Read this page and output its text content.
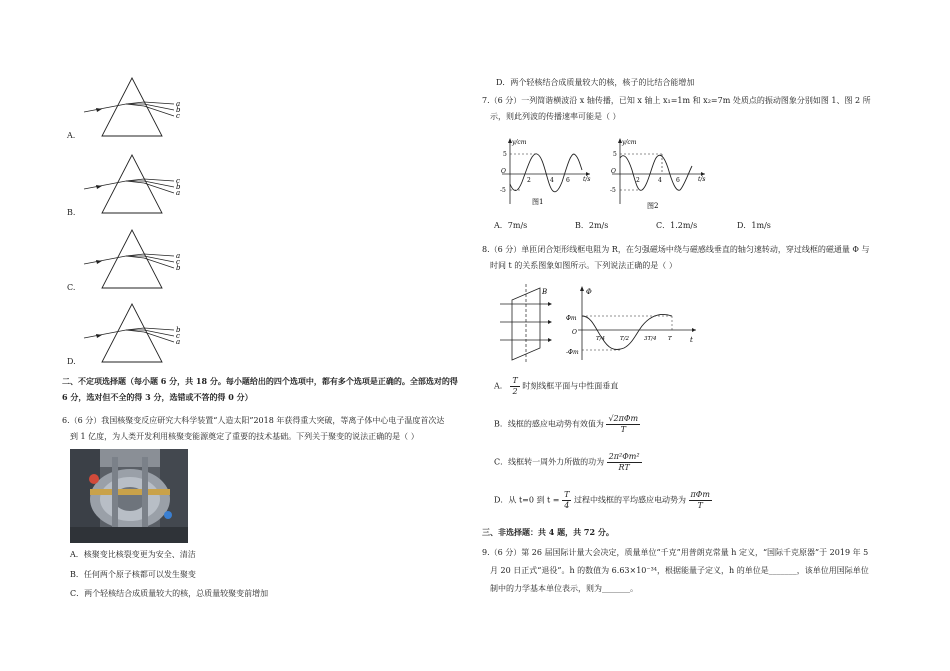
A.
a
b
c
B.
c
b
a
C.
a
c
b
D.
b
c
a
二、不定项选择题（每小题 6 分，共 18 分。每小题给出的四个选项中，都有多个选项是正确的。全部选对的得
6 分，选对但不全的得 3 分，选错或不答的得 0 分）
6.（6 分）我国核聚变反应研究大科学装置“人造太阳”2018 年获得重大突破，等离子体中心电子温度首次达
到 1 亿度，为人类开发利用核聚变能源奠定了重要的技术基础。下列关于聚变的说法正确的是（ ）
A．核聚变比核裂变更为安全、清洁
B．任何两个原子核都可以发生聚变
C．两个轻核结合成质量较大的核，总质量较聚变前增加
D．两个轻核结合成质量较大的核，核子的比结合能增加
7.（6 分）一列简谐横波沿 x 轴传播，已知 x 轴上 x₁=1m 和 x₂=7m 处质点的振动图象分别如图 1、图 2 所
示，则此列波的传播速率可能是（ ）
y/cm
t/s
O
5
-5
2	4 6
图1
y/cm
t/s
O
5
-5
2	4 6
图2
A．7m/s	B．2m/s	C．1.2m/s	D．1m/s
8.（6 分）单匝闭合矩形线框电阻为 R，在匀强磁场中绕与磁感线垂直的轴匀速转动，穿过线框的磁通量 Φ 与
时间 t 的关系图象如图所示。下列说法正确的是（ ）
B	Φ
Φm
-Φm
O
t
T/4	T/2	3T/4 T
A． $\frac{T}{2}$ 时刻线框平面与中性面垂直
B．线框的感应电动势有效值为 $\frac{\text{√2πΦm}}{T}$
C．线框转一周外力所做的功为 $\frac{\text{2π²Φm²}}{RT}$
D．从 t=0 到 $t = \frac{T}{4}$ 过程中线框的平均感应电动势为 $\frac{\text{πΦm}}{T}$
三、非选择题：共 4 题，共 72 分。
9.（6 分）第 26 届国际计量大会决定，质量单位“千克”用普朗克常量 h 定义，“国际千克原器”于 2019 年 5
月 20 日正式“退役”。h 的数值为 6.63×10⁻³⁴，根据能量子定义，h 的单位是_______，该单位用国际单位
制中的力学基本单位表示，则为_______。
